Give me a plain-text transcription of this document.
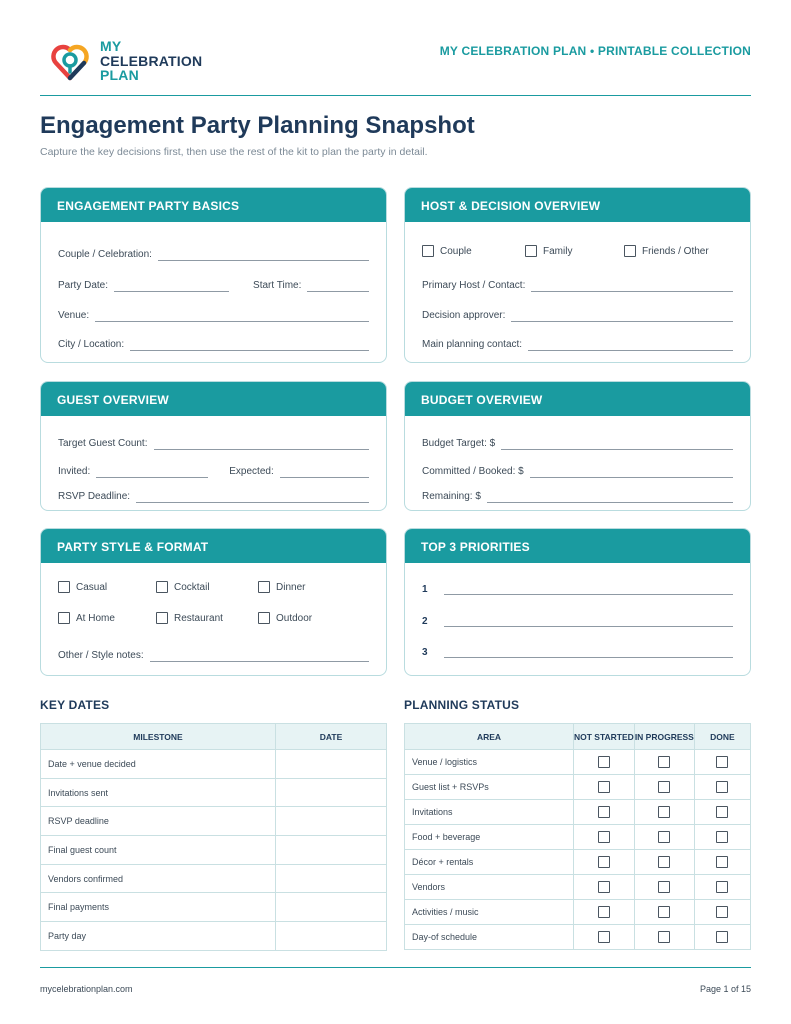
MY
CELEBRATION
PLAN
MY CELEBRATION PLAN • PRINTABLE COLLECTION
Engagement Party Planning Snapshot
Capture the key decisions first, then use the rest of the kit to plan the party in detail.
ENGAGEMENT PARTY BASICS
Couple / Celebration:
Party Date:	Start Time:
Venue:
City / Location:
HOST & DECISION OVERVIEW
Couple	Family	Friends / Other
Primary Host / Contact:
Decision approver:
Main planning contact:
GUEST OVERVIEW
Target Guest Count:
Invited:	Expected:
RSVP Deadline:
BUDGET OVERVIEW
Budget Target: $
Committed / Booked: $
Remaining: $
PARTY STYLE & FORMAT
Casual	Cocktail	Dinner
At Home	Restaurant	Outdoor
Other / Style notes:
TOP 3 PRIORITIES
1
2
3
KEY DATES
MILESTONE	DATE
Date + venue decided	
Invitations sent	
RSVP deadline	
Final guest count	
Vendors confirmed	
Final payments	
Party day	
PLANNING STATUS
AREA	NOT STARTED	IN PROGRESS	DONE
Venue / logistics			
Guest list + RSVPs			
Invitations			
Food + beverage			
Décor + rentals			
Vendors			
Activities / music			
Day-of schedule			
mycelebrationplan.com	Page 1 of 15
